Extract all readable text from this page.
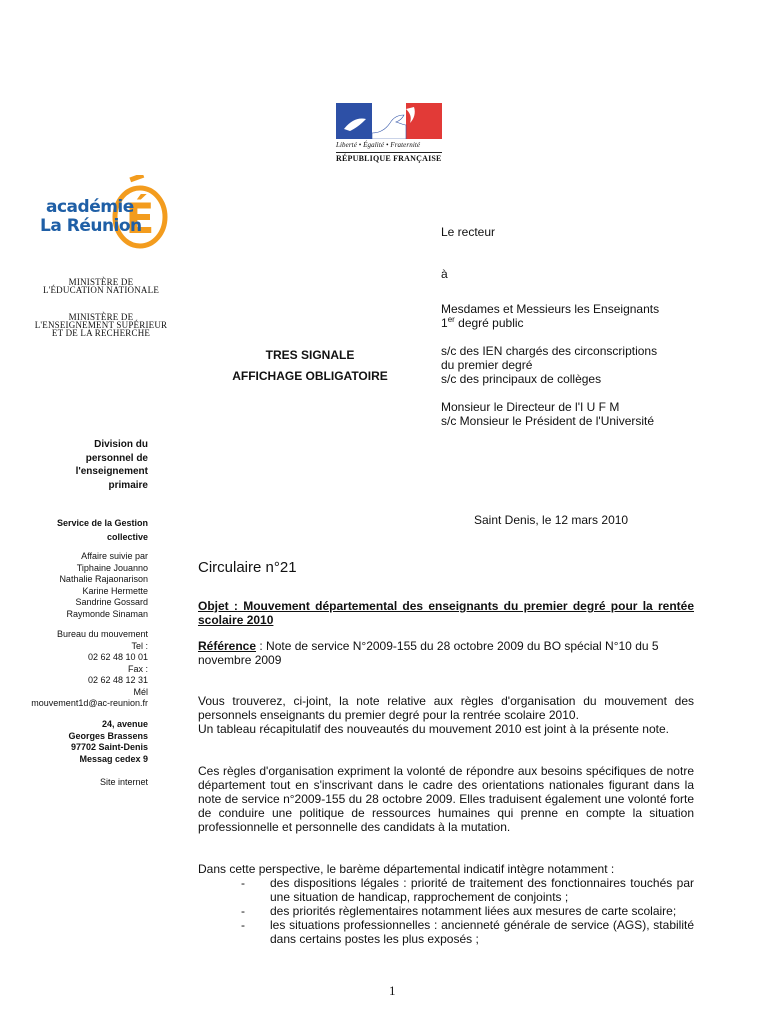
Liberté • Égalité • Fraternité
RÉPUBLIQUE FRANÇAISE
É
académie
La Réunion
MINISTÈRE DE
L'ÉDUCATION NATIONALE
MINISTÈRE DE
L'ENSEIGNEMENT SUPÉRIEUR
ET DE LA RECHERCHE
TRES SIGNALE
AFFICHAGE OBLIGATOIRE
Le recteur
à

Mesdames et Messieurs les Enseignants

1er degré public

s/c des IEN chargés des circonscriptions

du premier degré

s/c des principaux de collèges

Monsieur le Directeur de l'I U F M

s/c Monsieur le Président de l'Université

Division du

personnel de

l'enseignement

primaire

Service de la Gestion

collective

Affaire suivie par

Tiphaine Jouanno

Nathalie Rajaonarison

Karine Hermette

Sandrine Gossard

Raymonde Sinaman

Bureau du mouvement

Tel :

02 62 48 10 01

Fax :

02 62 48 12 31

Mél

mouvement1d@ac-reunion.fr

24, avenue

Georges Brassens

97702 Saint-Denis

Messag cedex 9

Site internet
Saint Denis, le 12 mars 2010
Circulaire n°21
Objet : Mouvement départemental des enseignants du premier degré pour la rentée scolaire 2010
Référence : Note de service N°2009-155 du 28 octobre 2009 du BO spécial N°10 du 5 novembre 2009

Vous trouverez, ci-joint, la note relative aux règles d'organisation du mouvement des personnels enseignants du premier degré pour la rentrée scolaire 2010.

Un tableau récapitulatif des nouveautés du mouvement 2010 est joint à la présente note.

Ces règles d'organisation expriment la volonté de répondre aux besoins spécifiques de notre département tout en s'inscrivant dans le cadre des orientations nationales figurant dans la note de service n°2009-155 du 28 octobre 2009. Elles traduisent également une volonté forte de conduire une politique de ressources humaines qui prenne en compte la situation professionnelle et personnelle des candidats à la mutation.
Dans cette perspective, le barème départemental indicatif intègre notamment :
- des dispositions légales : priorité de traitement des fonctionnaires touchés par une situation de handicap, rapprochement de conjoints ;
- des priorités règlementaires notamment liées aux mesures de carte scolaire;
- les situations professionnelles : ancienneté générale de service (AGS), stabilité dans certains postes les plus exposés ;
1
